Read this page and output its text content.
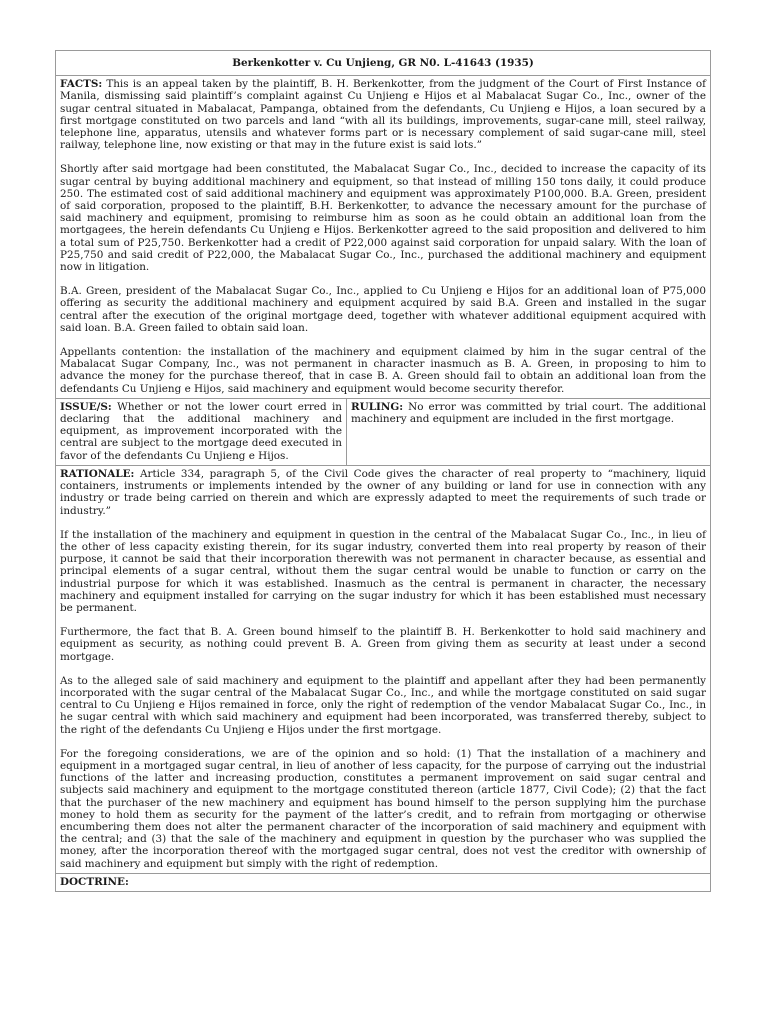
Berkenkotter v. Cu Unjieng, GR N0. L-41643 (1935)

FACTS: This is an appeal taken by the plaintiff, B. H. Berkenkotter, from the judgment of the Court of First Instance of Manila, dismissing said plaintiff’s complaint against Cu Unjieng e Hijos et al Mabalacat Sugar Co., Inc., owner of the sugar central situated in Mabalacat, Pampanga, obtained from the defendants, Cu Unjieng e Hijos, a loan secured by a first mortgage constituted on two parcels and land “with all its buildings, improvements, sugar-cane mill, steel railway, telephone line, apparatus, utensils and whatever forms part or is necessary complement of said sugar-cane mill, steel railway, telephone line, now existing or that may in the future exist is said lots.”

Shortly after said mortgage had been constituted, the Mabalacat Sugar Co., Inc., decided to increase the capacity of its sugar central by buying additional machinery and equipment, so that instead of milling 150 tons daily, it could produce 250. The estimated cost of said additional machinery and equipment was approximately P100,000. B.A. Green, president of said corporation, proposed to the plaintiff, B.H. Berkenkotter, to advance the necessary amount for the purchase of said machinery and equipment, promising to reimburse him as soon as he could obtain an additional loan from the mortgagees, the herein defendants Cu Unjieng e Hijos. Berkenkotter agreed to the said proposition and delivered to him a total sum of P25,750. Berkenkotter had a credit of P22,000 against said corporation for unpaid salary. With the loan of P25,750 and said credit of P22,000, the Mabalacat Sugar Co., Inc., purchased the additional machinery and equipment now in litigation.

B.A. Green, president of the Mabalacat Sugar Co., Inc., applied to Cu Unjieng e Hijos for an additional loan of P75,000 offering as security the additional machinery and equipment acquired by said B.A. Green and installed in the sugar central after the execution of the original mortgage deed, together with whatever additional equipment acquired with said loan. B.A. Green failed to obtain said loan.

Appellants contention: the installation of the machinery and equipment claimed by him in the sugar central of the Mabalacat Sugar Company, Inc., was not permanent in character inasmuch as B. A. Green, in proposing to him to advance the money for the purchase thereof, that in case B. A. Green should fail to obtain an additional loan from the defendants Cu Unjieng e Hijos, said machinery and equipment would become security therefor.

ISSUE/S: Whether or not the lower court erred in declaring that the additional machinery and equipment, as improvement incorporated with the central are subject to the mortgage deed executed in favor of the defendants Cu Unjieng e Hijos.	RULING: No error was committed by trial court. The additional machinery and equipment are included in the first mortgage.

RATIONALE: Article 334, paragraph 5, of the Civil Code gives the character of real property to “machinery, liquid containers, instruments or implements intended by the owner of any building or land for use in connection with any industry or trade being carried on therein and which are expressly adapted to meet the requirements of such trade or industry.”

If the installation of the machinery and equipment in question in the central of the Mabalacat Sugar Co., Inc., in lieu of the other of less capacity existing therein, for its sugar industry, converted them into real property by reason of their purpose, it cannot be said that their incorporation therewith was not permanent in character because, as essential and principal elements of a sugar central, without them the sugar central would be unable to function or carry on the industrial purpose for which it was established. Inasmuch as the central is permanent in character, the necessary machinery and equipment installed for carrying on the sugar industry for which it has been established must necessary be permanent.

Furthermore, the fact that B. A. Green bound himself to the plaintiff B. H. Berkenkotter to hold said machinery and equipment as security, as nothing could prevent B. A. Green from giving them as security at least under a second mortgage.

As to the alleged sale of said machinery and equipment to the plaintiff and appellant after they had been permanently incorporated with the sugar central of the Mabalacat Sugar Co., Inc., and while the mortgage constituted on said sugar central to Cu Unjieng e Hijos remained in force, only the right of redemption of the vendor Mabalacat Sugar Co., Inc., in he sugar central with which said machinery and equipment had been incorporated, was transferred thereby, subject to the right of the defendants Cu Unjieng e Hijos under the first mortgage.

For the foregoing considerations, we are of the opinion and so hold: (1) That the installation of a machinery and equipment in a mortgaged sugar central, in lieu of another of less capacity, for the purpose of carrying out the industrial functions of the latter and increasing production, constitutes a permanent improvement on said sugar central and subjects said machinery and equipment to the mortgage constituted thereon (article 1877, Civil Code); (2) that the fact that the purchaser of the new machinery and equipment has bound himself to the person supplying him the purchase money to hold them as security for the payment of the latter’s credit, and to refrain from mortgaging or otherwise encumbering them does not alter the permanent character of the incorporation of said machinery and equipment with the central; and (3) that the sale of the machinery and equipment in question by the purchaser who was supplied the money, after the incorporation thereof with the mortgaged sugar central, does not vest the creditor with ownership of said machinery and equipment but simply with the right of redemption.

DOCTRINE:
